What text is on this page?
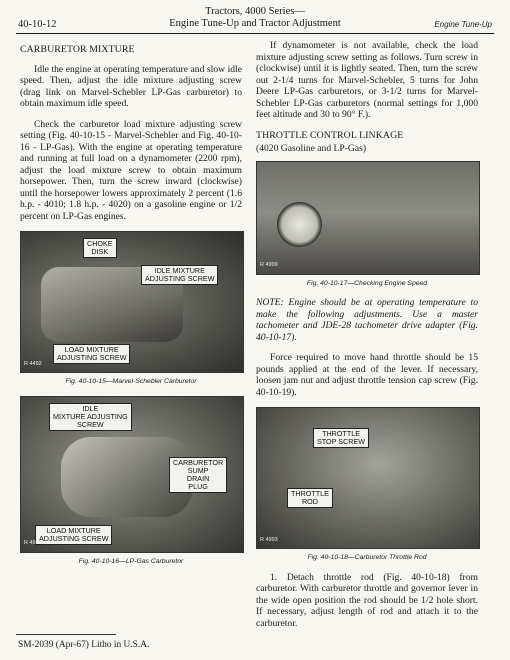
Tractors, 4000 Series—
Engine Tune-Up and Tractor Adjustment
40-10-12	Engine Tune-Up
CARBURETOR MIXTURE

Idle the engine at operating temperature and slow idle speed. Then, adjust the idle mixture adjusting screw (drag link on Marvel-Schebler LP-Gas carburetor) to obtain maximum idle speed.

Check the carburetor load mixture adjusting screw setting (Fig. 40-10-15 - Marvel-Schebler and Fig. 40-10-16 - LP-Gas). With the engine at operating temperature and running at full load on a dynamometer (2200 rpm), adjust the load mixture screw to obtain maximum horsepower. Then, turn the screw inward (clockwise) until the horsepower lowers approximately 2 percent (1.6 h.p. - 4010; 1.8 h.p. - 4020) on a gasoline engine or 1/2 percent on LP-Gas engines.

CHOKE
DISK
IDLE MIXTURE
ADJUSTING SCREW
LOAD MIXTURE
ADJUSTING SCREW
R 4492
Fig. 40-10-15—Marvel-Schebler Carburetor
IDLE
MIXTURE ADJUSTING
SCREW
CARBURETOR
SUMP
DRAIN
PLUG
LOAD MIXTURE
ADJUSTING SCREW
R 4989
Fig. 40-10-16—LP-Gas Carburetor

If dynamometer is not available, check the load mixture adjusting screw setting as follows. Turn screw in (clockwise) until it is lightly seated. Then, turn the screw out 2-1/4 turns for Marvel-Schebler, 5 turns for John Deere LP-Gas carburetors, or 3-1/2 turns for Marvel-Schebler LP-Gas carburetors (normal settings for 1,000 feet altitude and 30 to 90° F.).

THROTTLE CONTROL LINKAGE
(4020 Gasoline and LP-Gas)
R 4999
Fig. 40-10-17—Checking Engine Speed

NOTE: Engine should be at operating temperature to make the following adjustments. Use a master tachometer and JDE-28 tachometer drive adapter (Fig. 40-10-17).

Force required to move hand throttle should be 15 pounds applied at the end of the lever. If necessary, loosen jam nut and adjust throttle tension cap screw (Fig. 40-10-19).

THROTTLE
STOP SCREW
THROTTLE
ROD
R 4993
Fig. 40-10-18—Carburetor Throttle Rod

1. Detach throttle rod (Fig. 40-10-18) from carburetor. With carburetor throttle and governor lever in the wide open position the rod should be 1/2 hole short. If necessary, adjust length of rod and attach it to the carburetor.

SM-2039 (Apr-67) Litho in U.S.A.
